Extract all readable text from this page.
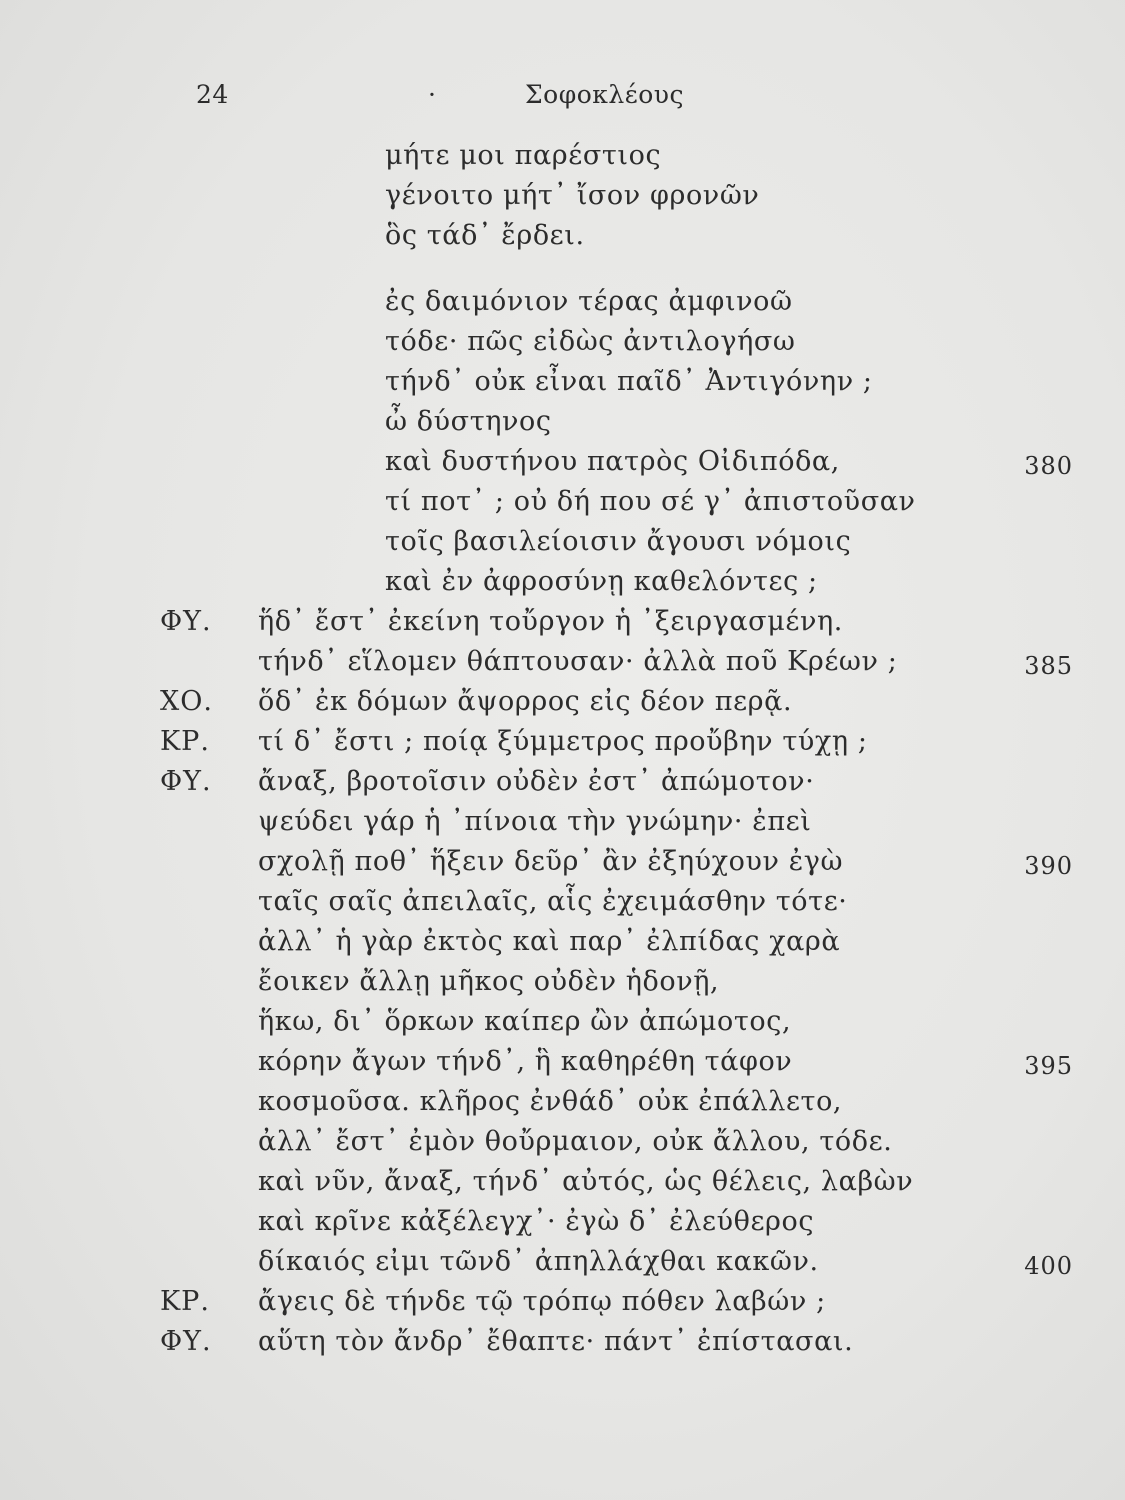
24	·	Σοφοκλέους
μήτε μοι παρέστιος
γένοιτο μήτ᾽ ἴσον φρονῶν
ὃς τάδ᾽ ἔρδει.
ἐς δαιμόνιον τέρας ἀμφινοῶ
τόδε· πῶς εἰδὼς ἀντιλογήσω
τήνδ᾽ οὐκ εἶναι παῖδ᾽ Ἀντιγόνην ;
ὦ δύστηνος
καὶ δυστήνου πατρὸς Οἰδιπόδα,	380
τί ποτ᾽ ; οὐ δή που σέ γ᾽ ἀπιστοῦσαν
τοῖς βασιλείοισιν ἄγουσι νόμοις
καὶ ἐν ἀφροσύνῃ καθελόντες ;
ΦΥ. ἥδ᾽ ἔστ᾽ ἐκείνη τοὔργον ἡ ᾽ξειργασμένη.
τήνδ᾽ εἵλομεν θάπτουσαν· ἀλλὰ ποῦ Κρέων ;	385
ΧΟ. ὅδ᾽ ἐκ δόμων ἄψορρος εἰς δέον περᾷ.
ΚΡ. τί δ᾽ ἔστι ; ποίᾳ ξύμμετρος προὔβην τύχῃ ;
ΦΥ. ἄναξ, βροτοῖσιν οὐδὲν ἐστ᾽ ἀπώμοτον·
ψεύδει γάρ ἡ ᾽πίνοια τὴν γνώμην· ἐπεὶ
σχολῇ ποθ᾽ ἥξειν δεῦρ᾽ ἂν ἐξηύχουν ἐγὼ	390
ταῖς σαῖς ἀπειλαῖς, αἷς ἐχειμάσθην τότε·
ἀλλ᾽ ἡ γὰρ ἐκτὸς καὶ παρ᾽ ἐλπίδας χαρὰ
ἔοικεν ἄλλῃ μῆκος οὐδὲν ἡδονῇ,
ἥκω, δι᾽ ὅρκων καίπερ ὢν ἀπώμοτος,
κόρην ἄγων τήνδ᾽, ἣ καθηρέθη τάφον	395
κοσμοῦσα. κλῆρος ἐνθάδ᾽ οὐκ ἐπάλλετο,
ἀλλ᾽ ἔστ᾽ ἐμὸν θοὔρμαιον, οὐκ ἄλλου, τόδε.
καὶ νῦν, ἄναξ, τήνδ᾽ αὐτός, ὡς θέλεις, λαβὼν
καὶ κρῖνε κἀξέλεγχ᾽· ἐγὼ δ᾽ ἐλεύθερος
δίκαιός εἰμι τῶνδ᾽ ἀπηλλάχθαι κακῶν.	400
ΚΡ. ἄγεις δὲ τήνδε τῷ τρόπῳ πόθεν λαβών ;
ΦΥ. αὕτη τὸν ἄνδρ᾽ ἔθαπτε· πάντ᾽ ἐπίστασαι.
